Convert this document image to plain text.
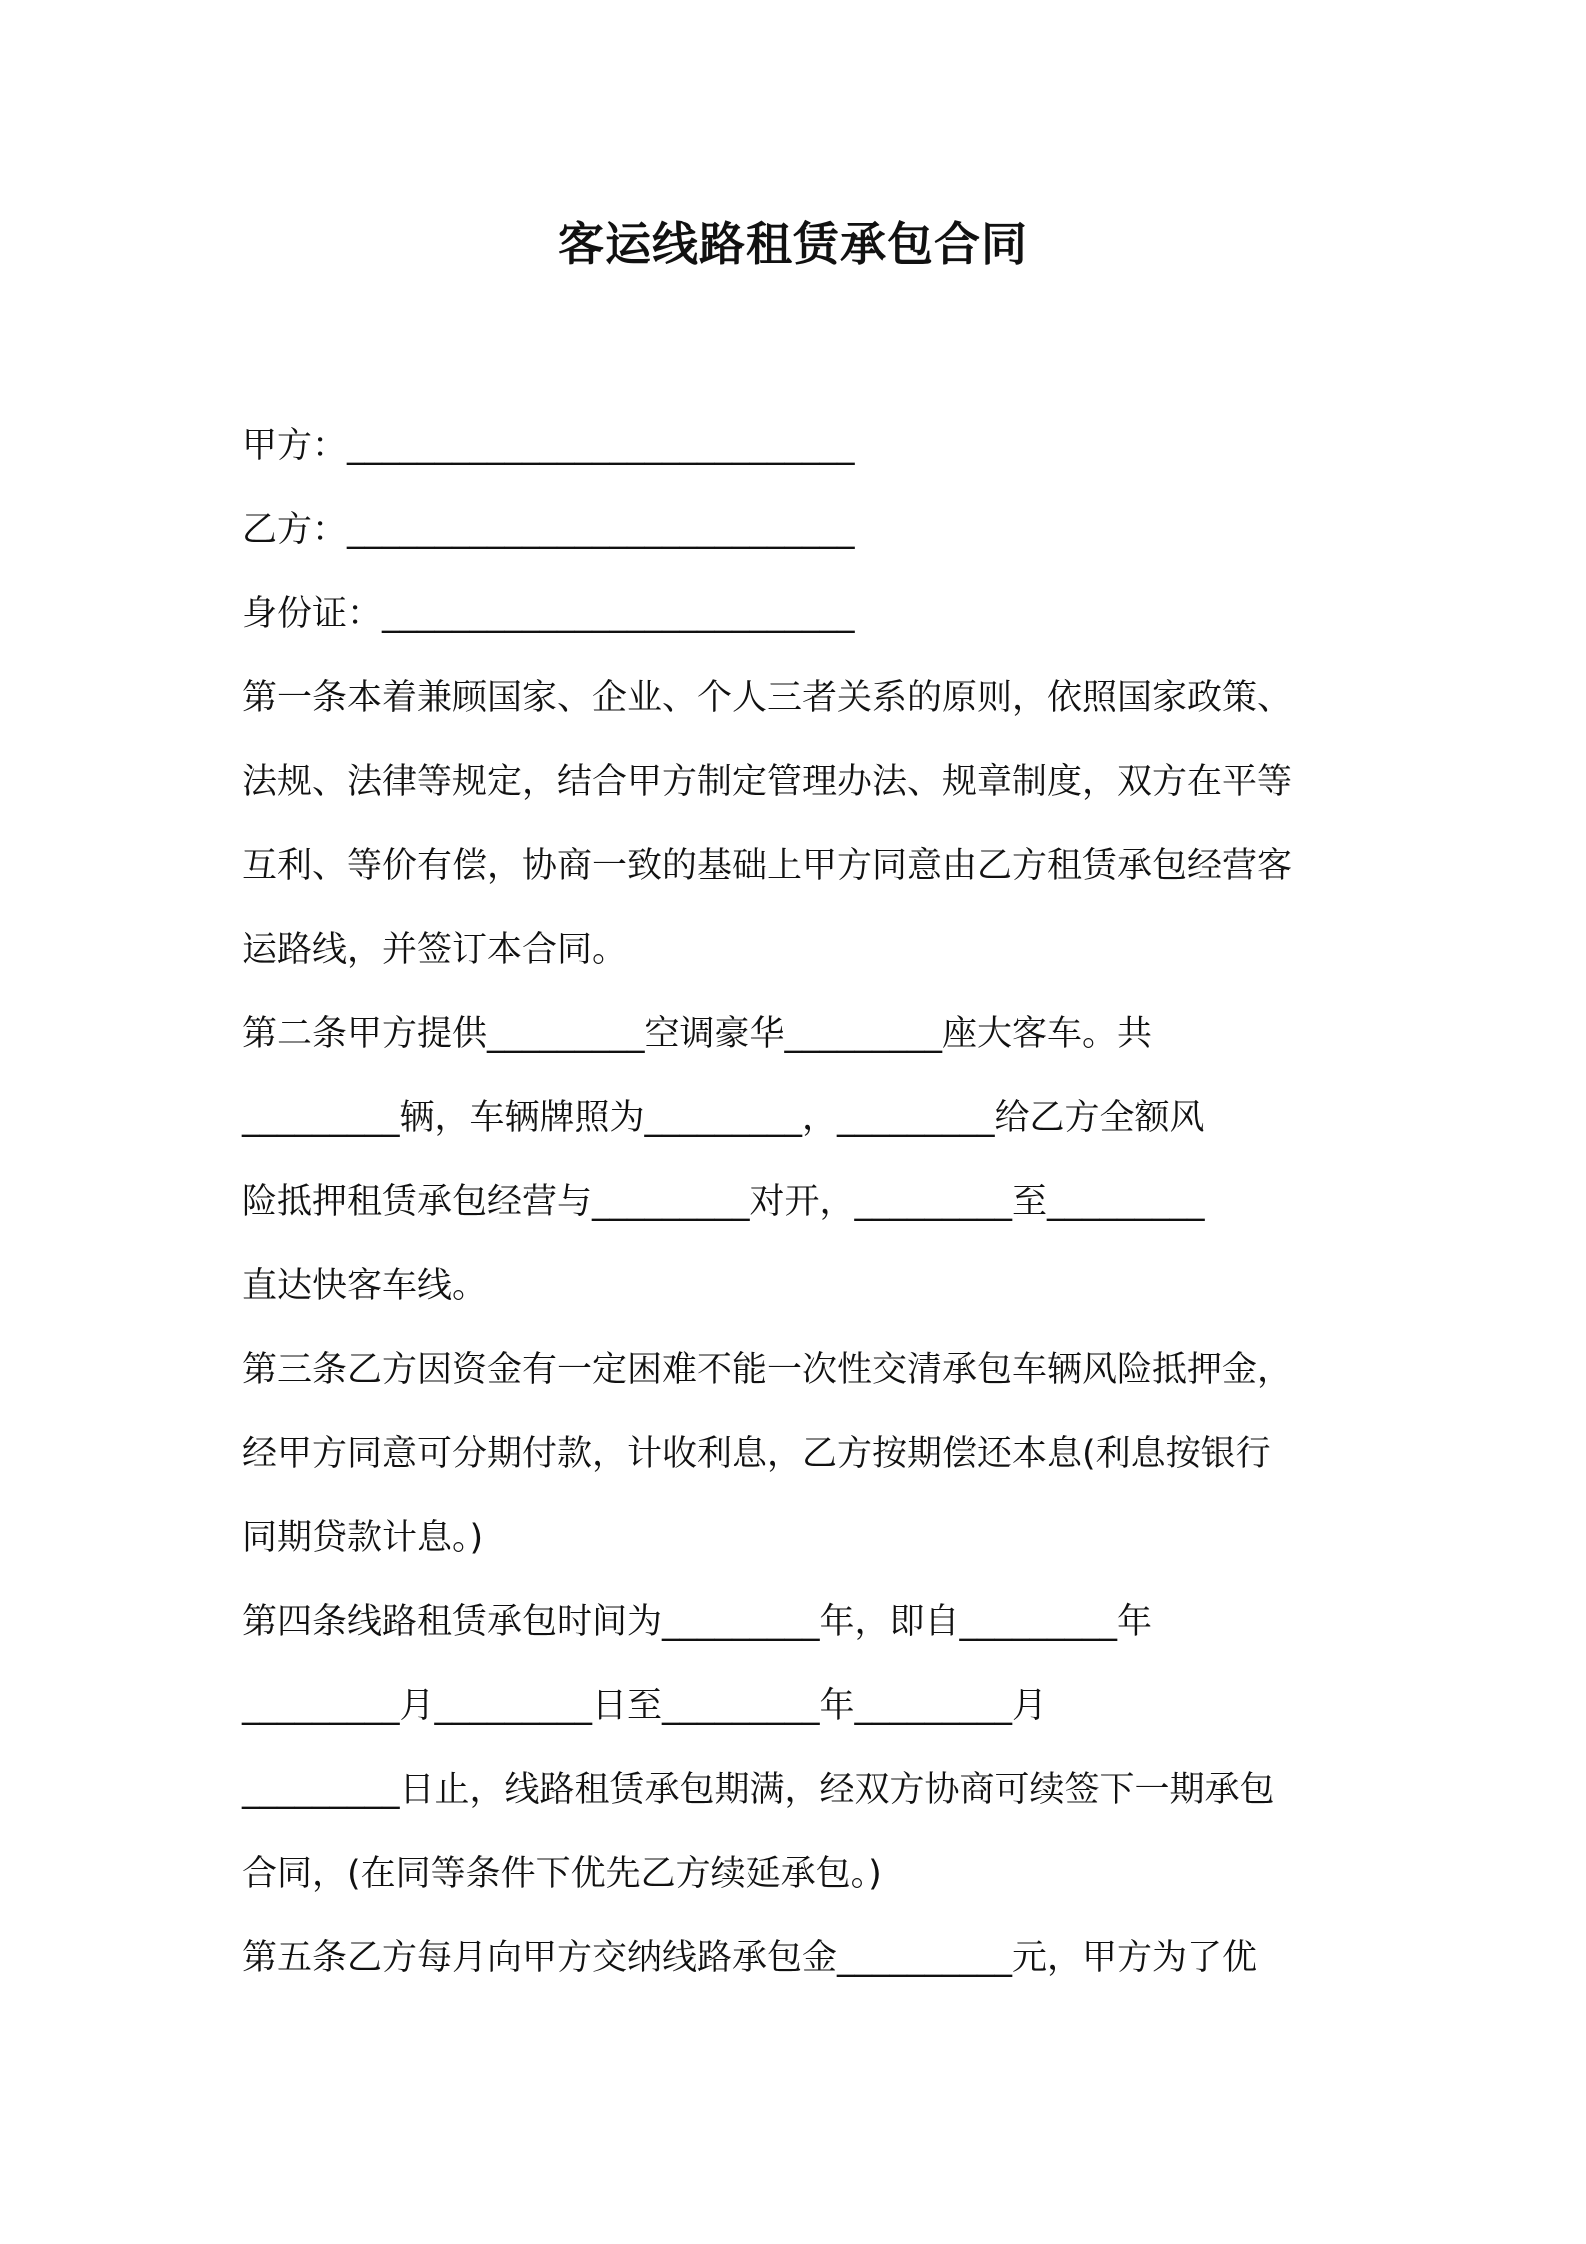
客运线路租赁承包合同
甲方：_____________________________
乙方：_____________________________
身份证：___________________________
第一条本着兼顾国家、企业、个人三者关系的原则，依照国家政策、
法规、法律等规定，结合甲方制定管理办法、规章制度，双方在平等
互利、等价有偿，协商一致的基础上甲方同意由乙方租赁承包经营客
运路线，并签订本合同。
第二条甲方提供_________空调豪华_________座大客车。共
_________辆，车辆牌照为_________，_________给乙方全额风
险抵押租赁承包经营与_________对开，_________至_________
直达快客车线。
第三条乙方因资金有一定困难不能一次性交清承包车辆风险抵押金，
经甲方同意可分期付款，计收利息，乙方按期偿还本息(利息按银行
同期贷款计息。)
第四条线路租赁承包时间为_________年，即自_________年
_________月_________日至_________年_________月
_________日止，线路租赁承包期满，经双方协商可续签下一期承包
合同，(在同等条件下优先乙方续延承包。)
第五条乙方每月向甲方交纳线路承包金__________元，甲方为了优
